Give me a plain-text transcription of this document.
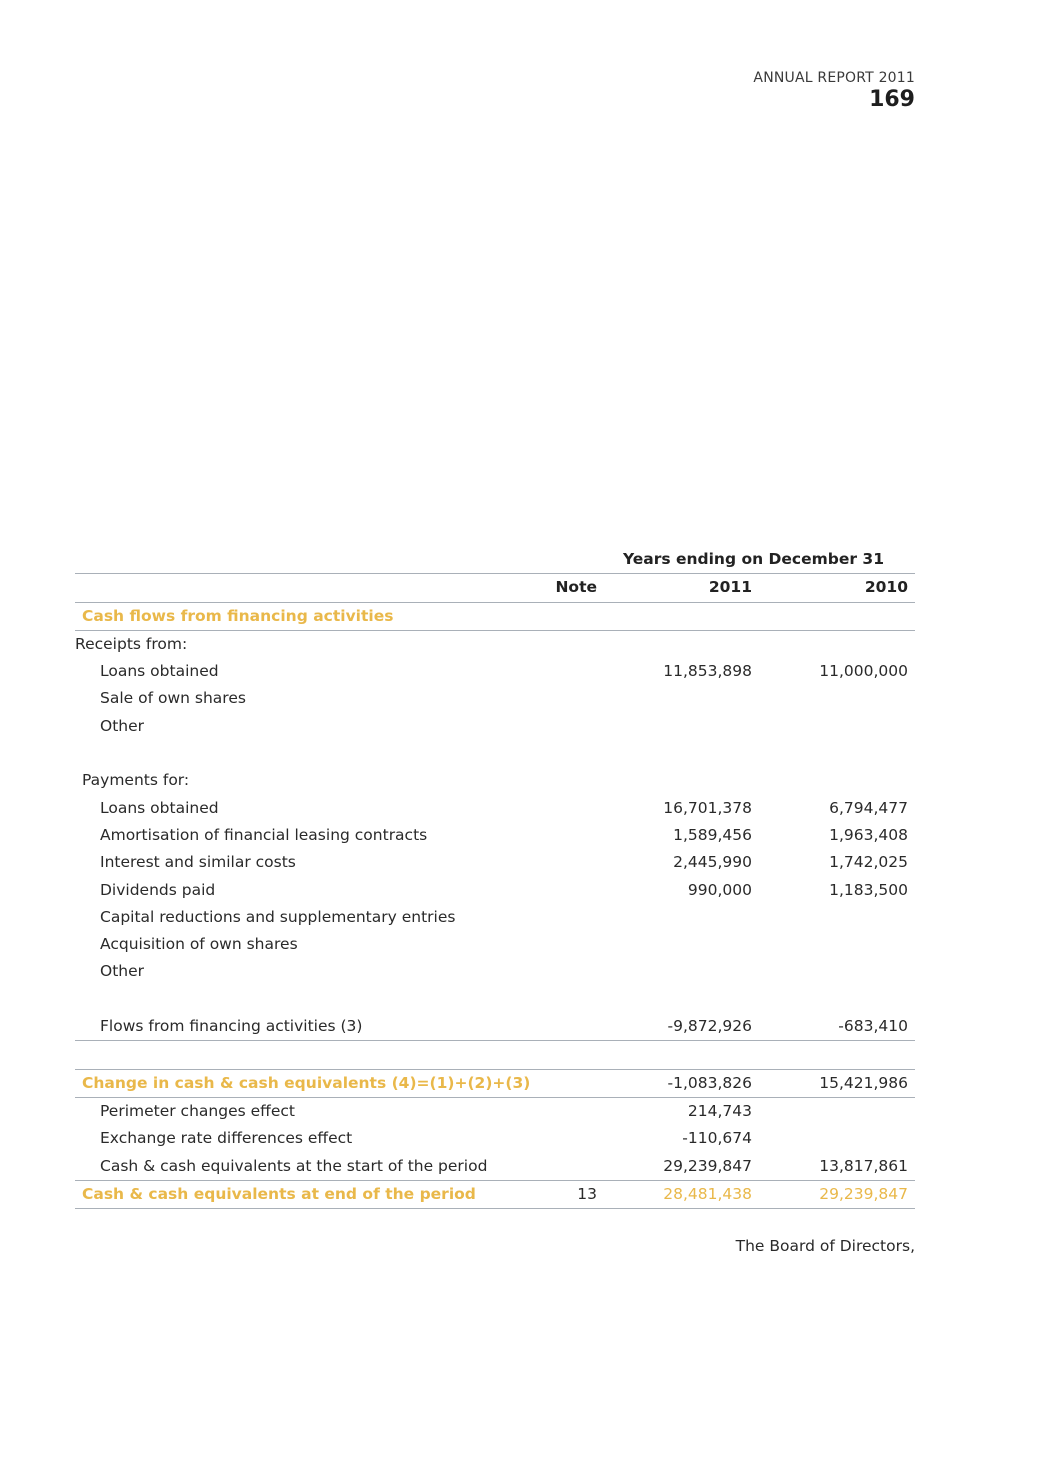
ANNUAL REPORT 2011
169
Years ending on December 31
Note	2011	2010
Cash flows from financing activities
Receipts from:
Loans obtained	11,853,898	11,000,000
Sale of own shares
Other
Payments for:
Loans obtained	16,701,378	6,794,477
Amortisation of financial leasing contracts	1,589,456	1,963,408
Interest and similar costs	2,445,990	1,742,025
Dividends paid	990,000	1,183,500
Capital reductions and supplementary entries
Acquisition of own shares
Other
Flows from financing activities (3)	-9,872,926	-683,410
Change in cash & cash equivalents (4)=(1)+(2)+(3)	-1,083,826	15,421,986
Perimeter changes effect	214,743
Exchange rate differences effect	-110,674
Cash & cash equivalents at the start of the period	29,239,847	13,817,861
Cash & cash equivalents at end of the period	13	28,481,438	29,239,847
The Board of Directors,
